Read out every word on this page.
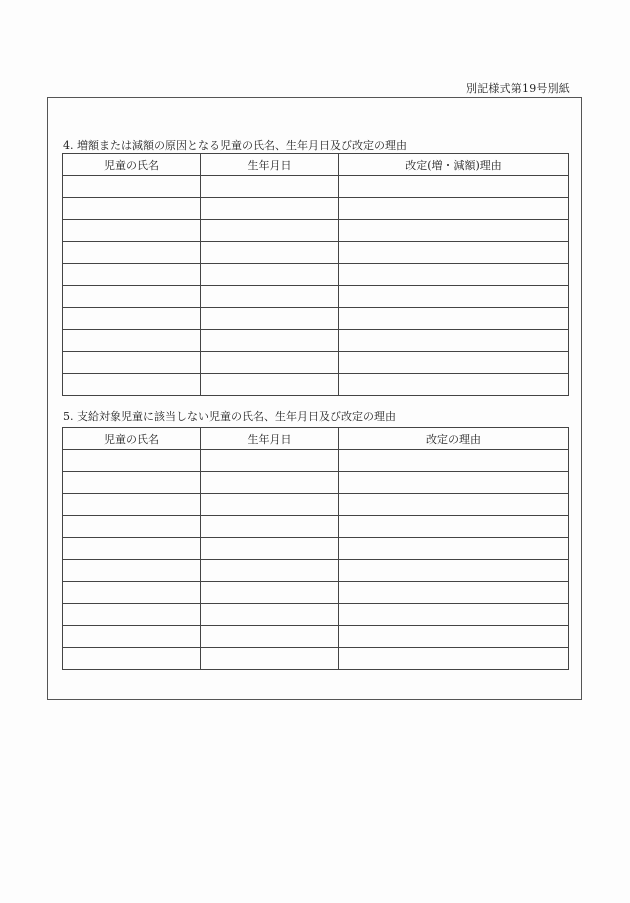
別記様式第19号別紙
4. 増額または減額の原因となる児童の氏名、生年月日及び改定の理由
児童の氏名	生年月日	改定(増・減額)理由

5. 支給対象児童に該当しない児童の氏名、生年月日及び改定の理由
児童の氏名	生年月日	改定の理由
